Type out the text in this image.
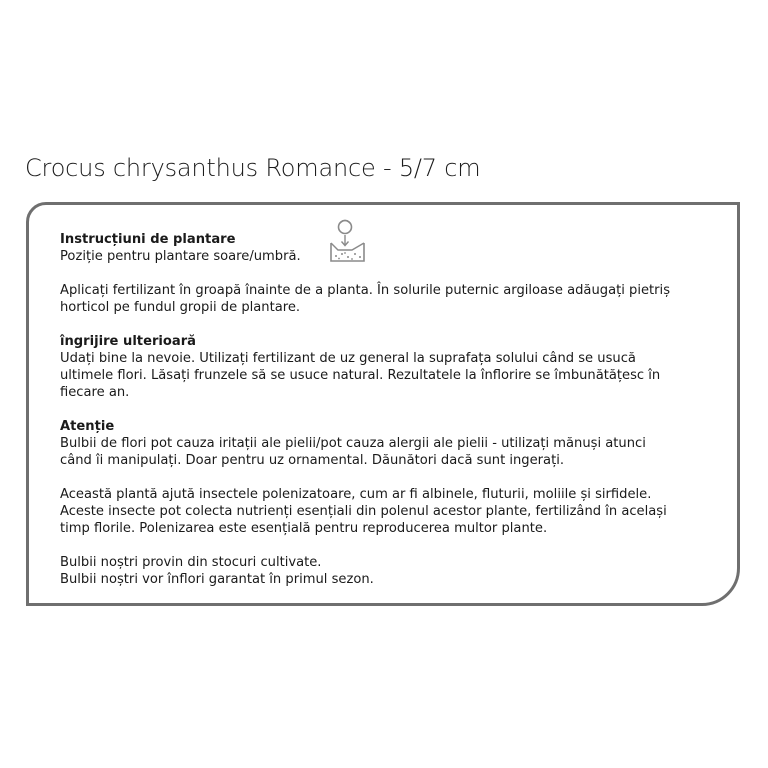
Crocus chrysanthus Romance - 5/7 cm
Instrucțiuni de plantare
Poziție pentru plantare soare/umbră.
Aplicați fertilizant în groapă înainte de a planta. În solurile puternic argiloase adăugați pietriș
horticol pe fundul gropii de plantare.
îngrijire ulterioară
Udați bine la nevoie. Utilizați fertilizant de uz general la suprafața solului când se usucă
ultimele flori. Lăsați frunzele să se usuce natural. Rezultatele la înflorire se îmbunătățesc în
fiecare an.
Atenție
Bulbii de flori pot cauza iritații ale pielii/pot cauza alergii ale pielii - utilizați mănuși atunci
când îi manipulați. Doar pentru uz ornamental. Dăunători dacă sunt ingerați.
Această plantă ajută insectele polenizatoare, cum ar fi albinele, fluturii, moliile și sirfidele.
Aceste insecte pot colecta nutrienți esențiali din polenul acestor plante, fertilizând în același
timp florile. Polenizarea este esențială pentru reproducerea multor plante.
Bulbii noștri provin din stocuri cultivate.
Bulbii noștri vor înflori garantat în primul sezon.
